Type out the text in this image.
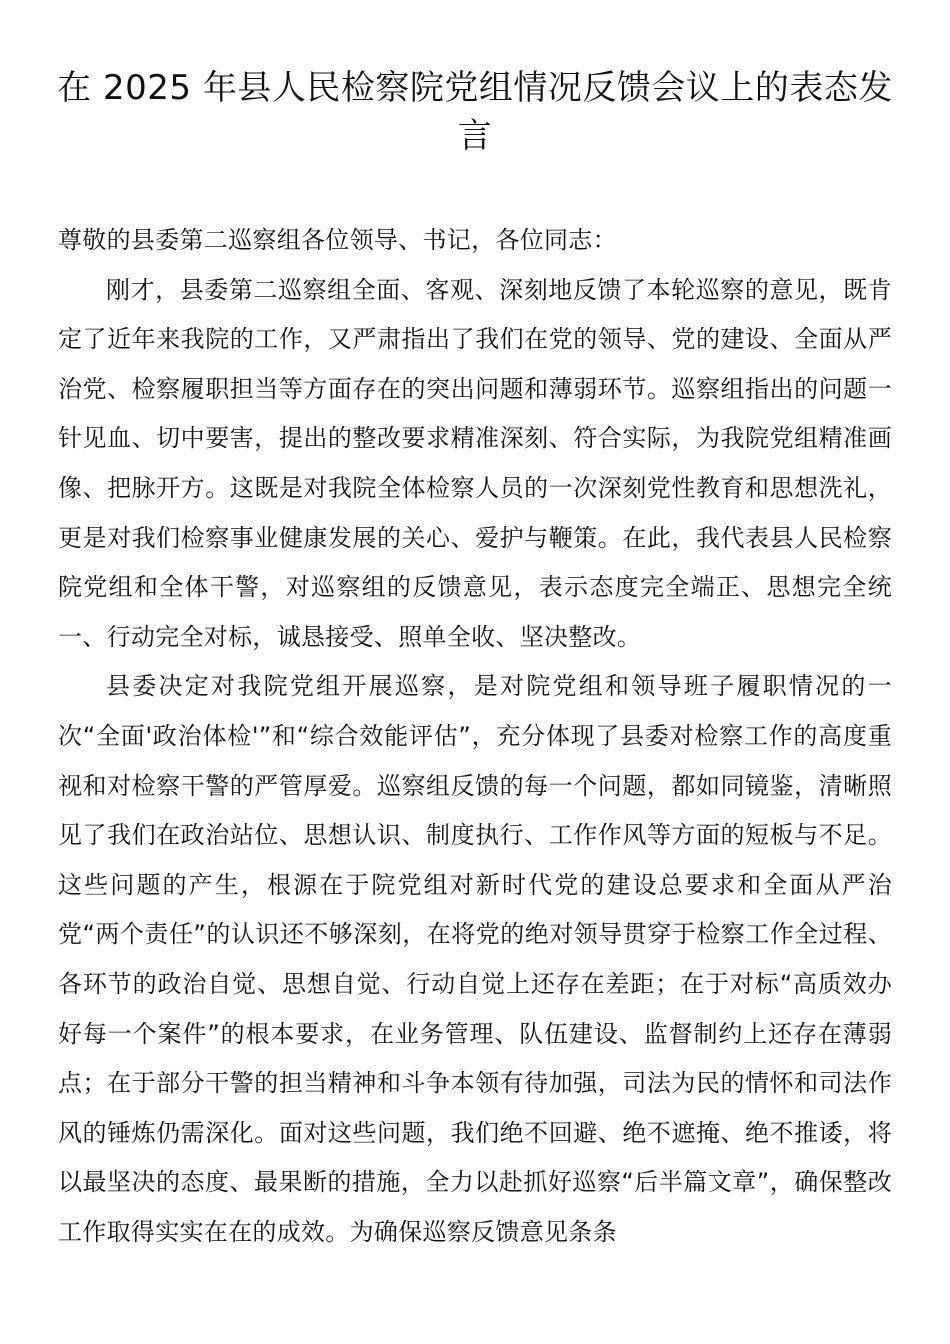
在 2025 年县人民检察院党组情况反馈会议上的表态发言

尊敬的县委第二巡察组各位领导、书记，各位同志：

刚才，县委第二巡察组全面、客观、深刻地反馈了本轮巡察的意见，既肯定了近年来我院的工作，又严肃指出了我们在党的领导、党的建设、全面从严治党、检察履职担当等方面存在的突出问题和薄弱环节。巡察组指出的问题一针见血、切中要害，提出的整改要求精准深刻、符合实际，为我院党组精准画像、把脉开方。这既是对我院全体检察人员的一次深刻党性教育和思想洗礼，更是对我们检察事业健康发展的关心、爱护与鞭策。在此，我代表县人民检察院党组和全体干警，对巡察组的反馈意见，表示态度完全端正、思想完全统一、行动完全对标，诚恳接受、照单全收、坚决整改。

县委决定对我院党组开展巡察，是对院党组和领导班子履职情况的一次“全面'政治体检'”和“综合效能评估”，充分体现了县委对检察工作的高度重视和对检察干警的严管厚爱。巡察组反馈的每一个问题，都如同镜鉴，清晰照见了我们在政治站位、思想认识、制度执行、工作作风等方面的短板与不足。这些问题的产生，根源在于院党组对新时代党的建设总要求和全面从严治党“两个责任”的认识还不够深刻，在将党的绝对领导贯穿于检察工作全过程、各环节的政治自觉、思想自觉、行动自觉上还存在差距；在于对标“高质效办好每一个案件”的根本要求，在业务管理、队伍建设、监督制约上还存在薄弱点；在于部分干警的担当精神和斗争本领有待加强，司法为民的情怀和司法作风的锤炼仍需深化。面对这些问题，我们绝不回避、绝不遮掩、绝不推诿，将以最坚决的态度、最果断的措施，全力以赴抓好巡察“后半篇文章”，确保整改工作取得实实在在的成效。为确保巡察反馈意见条条
